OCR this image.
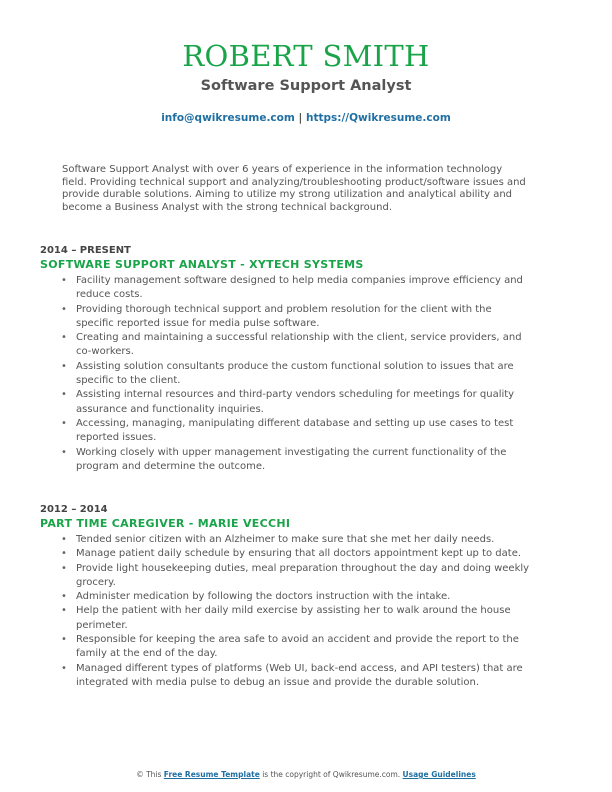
ROBERT SMITH
Software Support Analyst
info@qwikresume.com | https://Qwikresume.com
Software Support Analyst with over 6 years of experience in the information technology field. Providing technical support and analyzing/troubleshooting product/software issues and provide durable solutions. Aiming to utilize my strong utilization and analytical ability and become a Business Analyst with the strong technical background.
2014 – PRESENT
SOFTWARE SUPPORT ANALYST - XYTECH SYSTEMS
• Facility management software designed to help media companies improve efficiency and reduce costs.
• Providing thorough technical support and problem resolution for the client with the specific reported issue for media pulse software.
• Creating and maintaining a successful relationship with the client, service providers, and co-workers.
• Assisting solution consultants produce the custom functional solution to issues that are specific to the client.
• Assisting internal resources and third-party vendors scheduling for meetings for quality assurance and functionality inquiries.
• Accessing, managing, manipulating different database and setting up use cases to test reported issues.
• Working closely with upper management investigating the current functionality of the program and determine the outcome.
2012 – 2014
PART TIME CAREGIVER - MARIE VECCHI
• Tended senior citizen with an Alzheimer to make sure that she met her daily needs.
• Manage patient daily schedule by ensuring that all doctors appointment kept up to date.
• Provide light housekeeping duties, meal preparation throughout the day and doing weekly grocery.
• Administer medication by following the doctors instruction with the intake.
• Help the patient with her daily mild exercise by assisting her to walk around the house perimeter.
• Responsible for keeping the area safe to avoid an accident and provide the report to the family at the end of the day.
• Managed different types of platforms (Web UI, back-end access, and API testers) that are integrated with media pulse to debug an issue and provide the durable solution.
© This Free Resume Template is the copyright of Qwikresume.com. Usage Guidelines
